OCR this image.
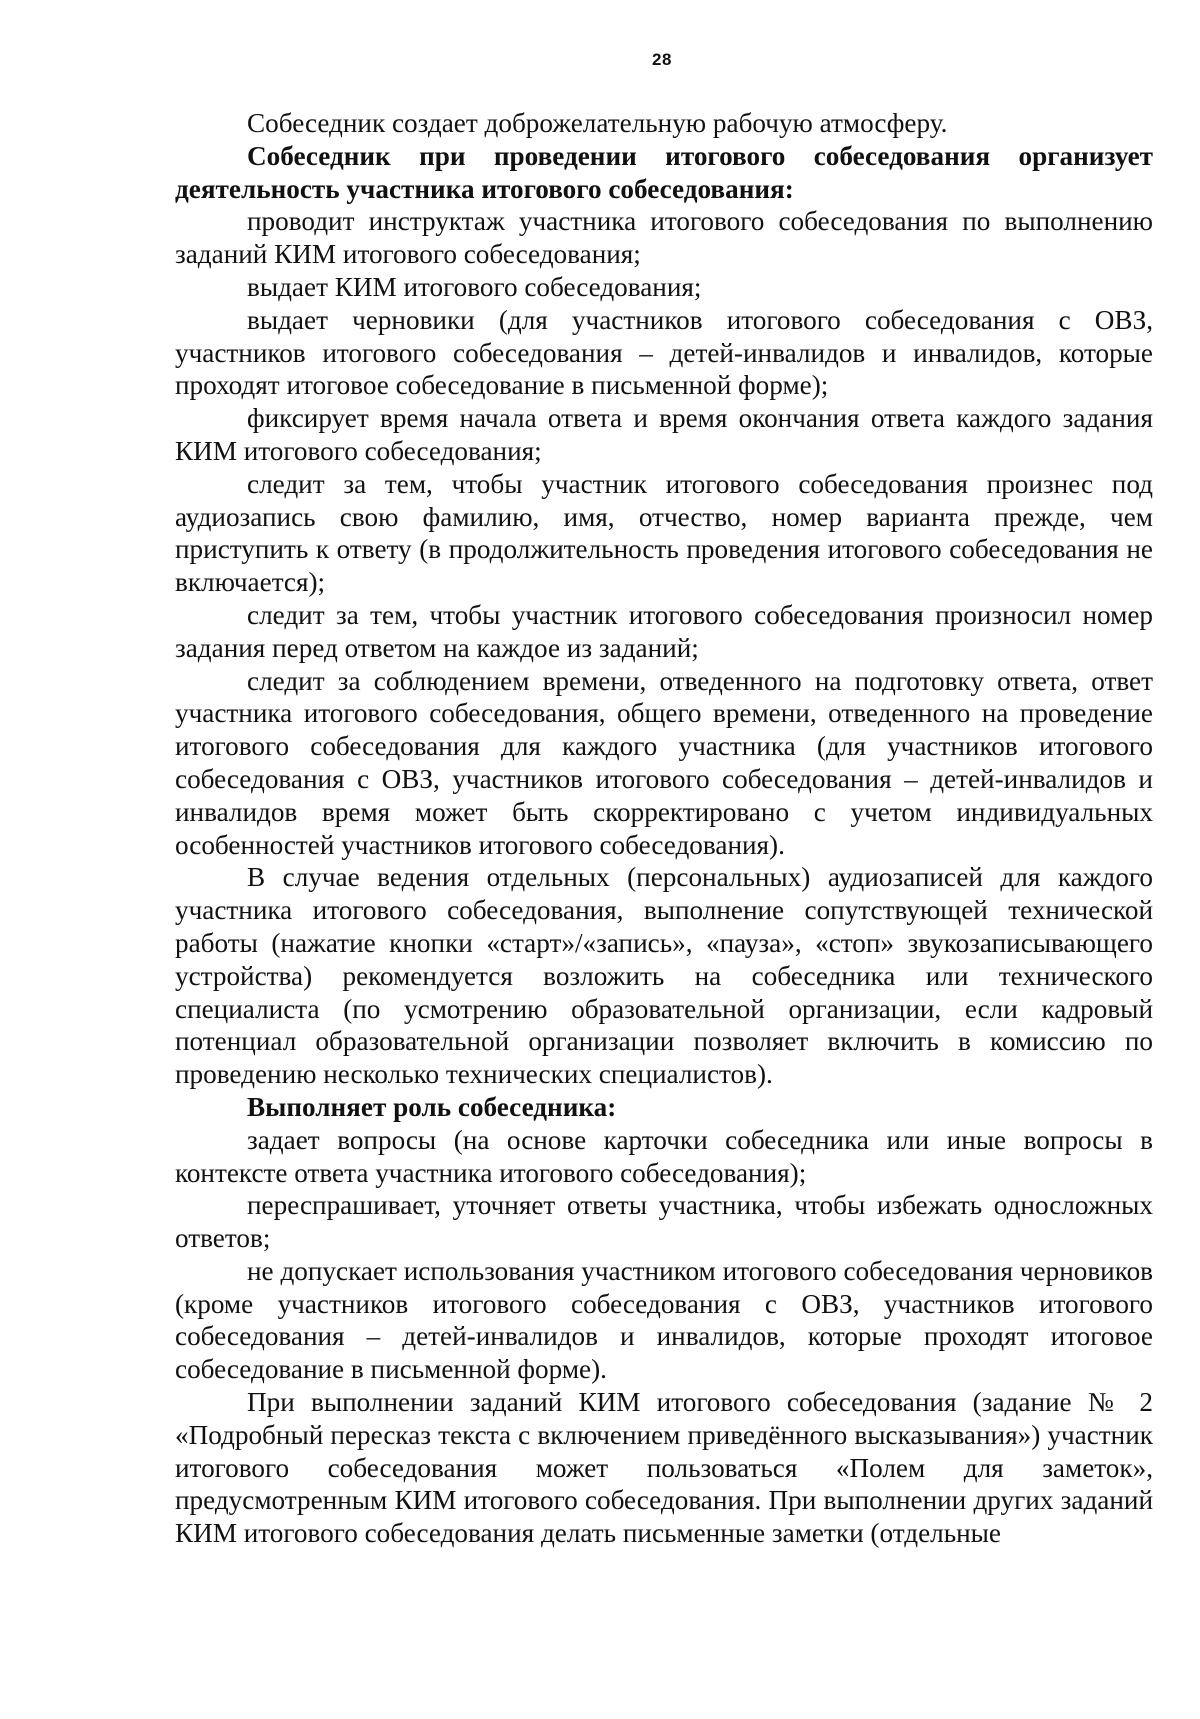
28

Собеседник создает доброжелательную рабочую атмосферу.

Собеседник при проведении итогового собеседования организует деятельность участника итогового собеседования:

проводит инструктаж участника итогового собеседования по выполнению заданий КИМ итогового собеседования;

выдает КИМ итогового собеседования;

выдает черновики (для участников итогового собеседования с ОВЗ, участников итогового собеседования – детей-инвалидов и инвалидов, которые проходят итоговое собеседование в письменной форме);

фиксирует время начала ответа и время окончания ответа каждого задания КИМ итогового собеседования;

следит за тем, чтобы участник итогового собеседования произнес под аудиозапись свою фамилию, имя, отчество, номер варианта прежде, чем приступить к ответу (в продолжительность проведения итогового собеседования не включается);

следит за тем, чтобы участник итогового собеседования произносил номер задания перед ответом на каждое из заданий;

следит за соблюдением времени, отведенного на подготовку ответа, ответ участника итогового собеседования, общего времени, отведенного на проведение итогового собеседования для каждого участника (для участников итогового собеседования с ОВЗ, участников итогового собеседования – детей-инвалидов и инвалидов время может быть скорректировано с учетом индивидуальных особенностей участников итогового собеседования).

В случае ведения отдельных (персональных) аудиозаписей для каждого участника итогового собеседования, выполнение сопутствующей технической работы (нажатие кнопки «старт»/«запись», «пауза», «стоп» звукозаписывающего устройства) рекомендуется возложить на собеседника или технического специалиста (по усмотрению образовательной организации, если кадровый потенциал образовательной организации позволяет включить в комиссию по проведению несколько технических специалистов).

Выполняет роль собеседника:

задает вопросы (на основе карточки собеседника или иные вопросы в контексте ответа участника итогового собеседования);

переспрашивает, уточняет ответы участника, чтобы избежать односложных ответов;

не допускает использования участником итогового собеседования черновиков (кроме участников итогового собеседования с ОВЗ, участников итогового собеседования – детей-инвалидов и инвалидов, которые проходят итоговое собеседование в письменной форме).

При выполнении заданий КИМ итогового собеседования (задание № 2 «Подробный пересказ текста с включением приведённого высказывания») участник итогового собеседования может пользоваться «Полем для заметок», предусмотренным КИМ итогового собеседования. При выполнении других заданий КИМ итогового собеседования делать письменные заметки (отдельные
